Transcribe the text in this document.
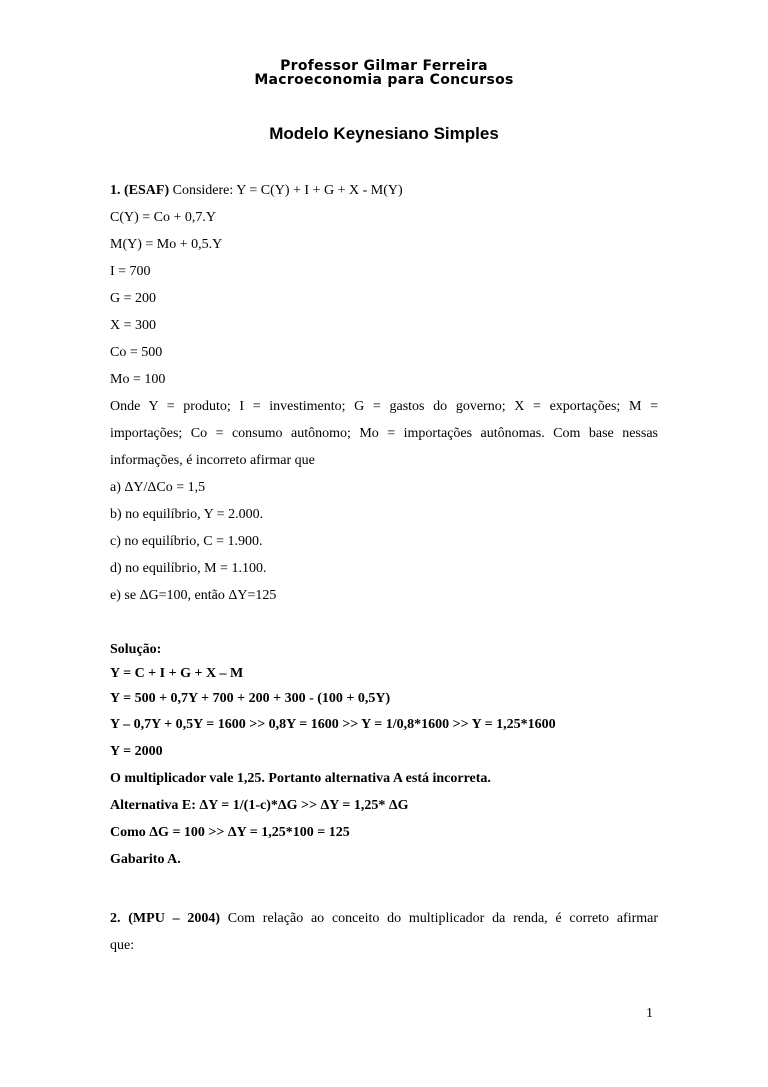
Professor Gilmar Ferreira
Macroeconomia para Concursos
Modelo Keynesiano Simples
1. (ESAF) Considere: Y = C(Y) + I + G + X - M(Y)
C(Y) = Co + 0,7.Y
M(Y) = Mo + 0,5.Y
I = 700
G = 200
X = 300
Co = 500
Mo = 100
Onde Y = produto; I = investimento; G = gastos do governo; X = exportações; M =
importações; Co = consumo autônomo; Mo = importações autônomas. Com base nessas
informações, é incorreto afirmar que
a) ΔY/ΔCo = 1,5
b) no equilíbrio, Y = 2.000.
c) no equilíbrio, C = 1.900.
d) no equilíbrio, M = 1.100.
e) se ΔG=100, então ΔY=125
Solução:
Y = C + I + G + X – M
Y = 500 + 0,7Y + 700 + 200 + 300 - (100 + 0,5Y)
Y – 0,7Y + 0,5Y = 1600 >> 0,8Y = 1600 >> Y = 1/0,8*1600 >> Y = 1,25*1600
Y = 2000
O multiplicador vale 1,25. Portanto alternativa A está incorreta.
Alternativa E: ΔY = 1/(1-c)*ΔG >> ΔY = 1,25* ΔG
Como ΔG = 100 >> ΔY = 1,25*100 = 125
Gabarito A.
2. (MPU – 2004) Com relação ao conceito do multiplicador da renda, é correto afirmar
que:
1
